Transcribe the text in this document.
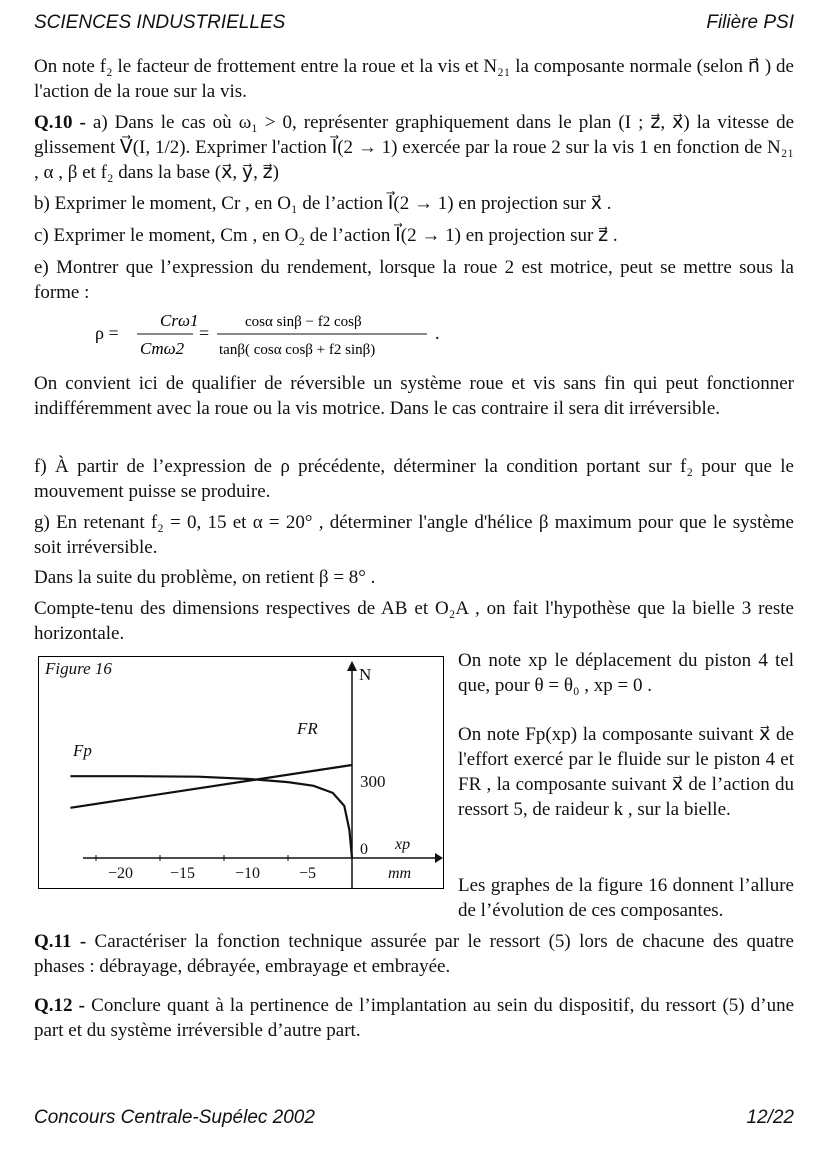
SCIENCES INDUSTRIELLES	Filière PSI
On note f₂ le facteur de frottement entre la roue et la vis et N₂₁ la composante normale (selon n⃗ ) de l'action de la roue sur la vis.
Q.10 - a) Dans le cas où ω₁ > 0, représenter graphiquement dans le plan (I ; z⃗, x⃗) la vitesse de glissement V⃗(I, 1/2). Exprimer l'action I⃗(2 → 1) exercée par la roue 2 sur la vis 1 en fonction de N₂₁ , α , β et f₂ dans la base (x⃗, y⃗, z⃗)
b) Exprimer le moment, Cr , en O₁ de l’action I⃗(2 → 1) en projection sur x⃗ .
c) Exprimer le moment, Cm , en O₂ de l’action I⃗(2 → 1) en projection sur z⃗ .
e) Montrer que l’expression du rendement, lorsque la roue 2 est motrice, peut se mettre sous la forme :
ρ =
Crω1
Cmω2
=
cosα sinβ − f2 cosβ
tanβ( cosα cosβ + f2 sinβ)
.
On convient ici de qualifier de réversible un système roue et vis sans fin qui peut fonctionner indifféremment avec la roue ou la vis motrice. Dans le cas contraire il sera dit irréversible.
f) À partir de l’expression de ρ précédente, déterminer la condition portant sur f₂ pour que le mouvement puisse se produire.
g) En retenant f₂ = 0, 15 et α = 20° , déterminer l'angle d'hélice β maximum pour que le système soit irréversible.
Dans la suite du problème, on retient β = 8° .
Compte-tenu des dimensions respectives de AB et O₂A , on fait l'hypothèse que la bielle 3 reste horizontale.
Figure 16	N
300
0 xp
mm
−20 −15 −10 −5
FR
Fp
On note xp le déplacement du piston 4 tel que, pour θ = θ₀ , xp = 0 .
On note Fp(xp) la composante suivant x⃗ de l'effort exercé par le fluide sur le piston 4 et FR , la composante suivant x⃗ de l’action du ressort 5, de raideur k , sur la bielle.
Les graphes de la figure 16 donnent l’allure de l’évolution de ces composantes.
Q.11 - Caractériser la fonction technique assurée par le ressort (5) lors de chacune des quatre phases : débrayage, débrayée, embrayage et embrayée.
Q.12 - Conclure quant à la pertinence de l’implantation au sein du dispositif, du ressort (5) d’une part et du système irréversible d’autre part.
Concours Centrale-Supélec 2002	12/22
